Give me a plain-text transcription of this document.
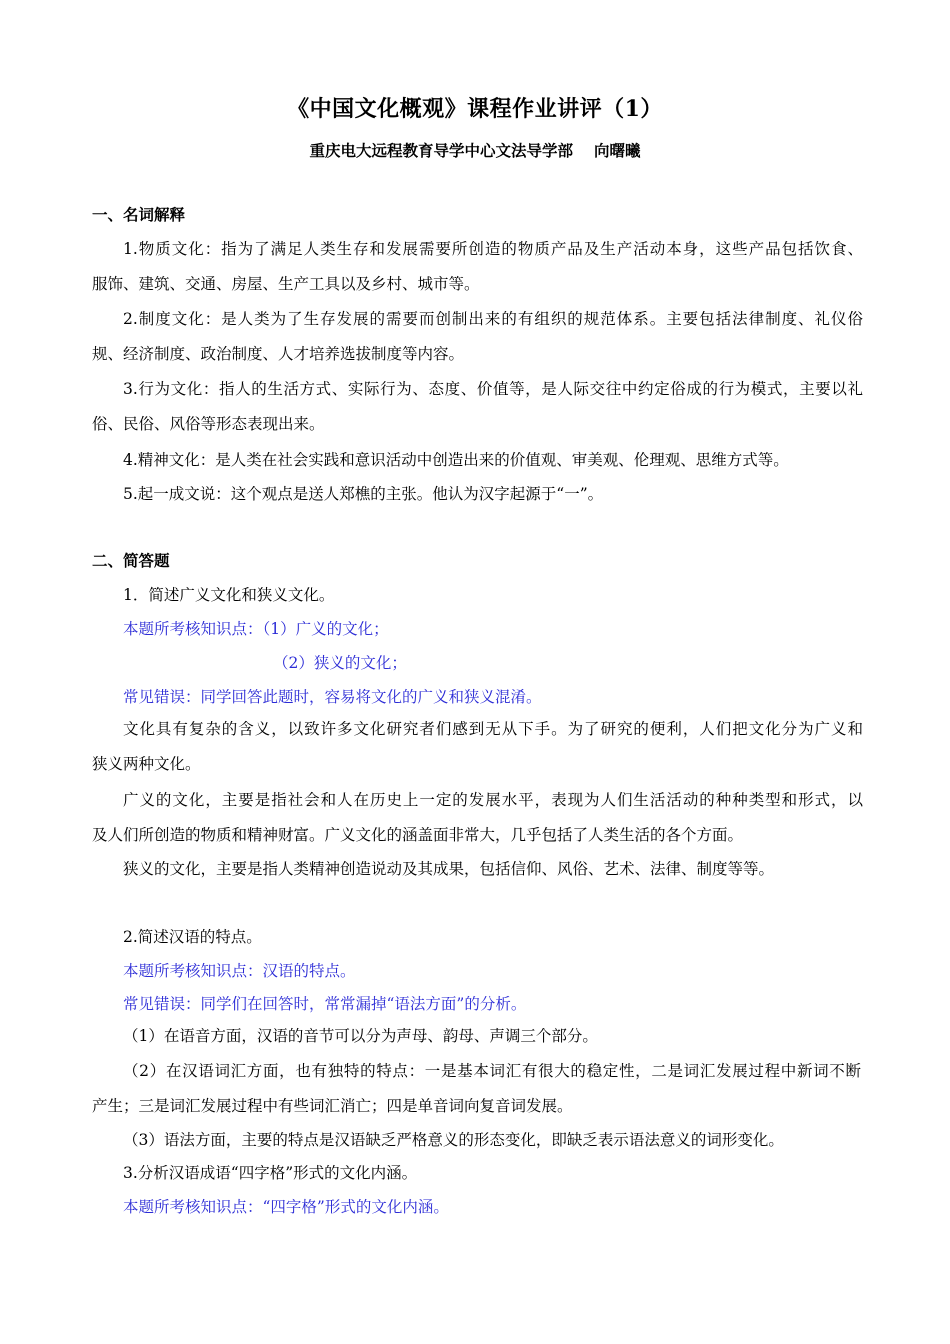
《中国文化概观》课程作业讲评（1）
重庆电大远程教育导学中心文法导学部　 向曙曦
一、名词解释
1.物质文化：指为了满足人类生存和发展需要所创造的物质产品及生产活动本身，这些产品包括饮食、
服饰、建筑、交通、房屋、生产工具以及乡村、城市等。
2.制度文化：是人类为了生存发展的需要而创制出来的有组织的规范体系。主要包括法律制度、礼仪俗
规、经济制度、政治制度、人才培养选拔制度等内容。
3.行为文化：指人的生活方式、实际行为、态度、价值等，是人际交往中约定俗成的行为模式，主要以礼
俗、民俗、风俗等形态表现出来。
4.精神文化：是人类在社会实践和意识活动中创造出来的价值观、审美观、伦理观、思维方式等。
5.起一成文说：这个观点是送人郑樵的主张。他认为汉字起源于“一”。
二、简答题
1．简述广义文化和狭义文化。
本题所考核知识点：（1）广义的文化；
（2）狭义的文化；
常见错误：同学回答此题时，容易将文化的广义和狭义混淆。
文化具有复杂的含义，以致许多文化研究者们感到无从下手。为了研究的便利，人们把文化分为广义和
狭义两种文化。
广义的文化，主要是指社会和人在历史上一定的发展水平，表现为人们生活活动的种种类型和形式，以
及人们所创造的物质和精神财富。广义文化的涵盖面非常大，几乎包括了人类生活的各个方面。
狭义的文化，主要是指人类精神创造说动及其成果，包括信仰、风俗、艺术、法律、制度等等。
2.简述汉语的特点。
本题所考核知识点：汉语的特点。
常见错误：同学们在回答时，常常漏掉“语法方面”的分析。
（1）在语音方面，汉语的音节可以分为声母、韵母、声调三个部分。
（2）在汉语词汇方面，也有独特的特点：一是基本词汇有很大的稳定性，二是词汇发展过程中新词不断
产生；三是词汇发展过程中有些词汇消亡；四是单音词向复音词发展。
（3）语法方面，主要的特点是汉语缺乏严格意义的形态变化，即缺乏表示语法意义的词形变化。
3.分析汉语成语“四字格”形式的文化内涵。
本题所考核知识点：“四字格”形式的文化内涵。
